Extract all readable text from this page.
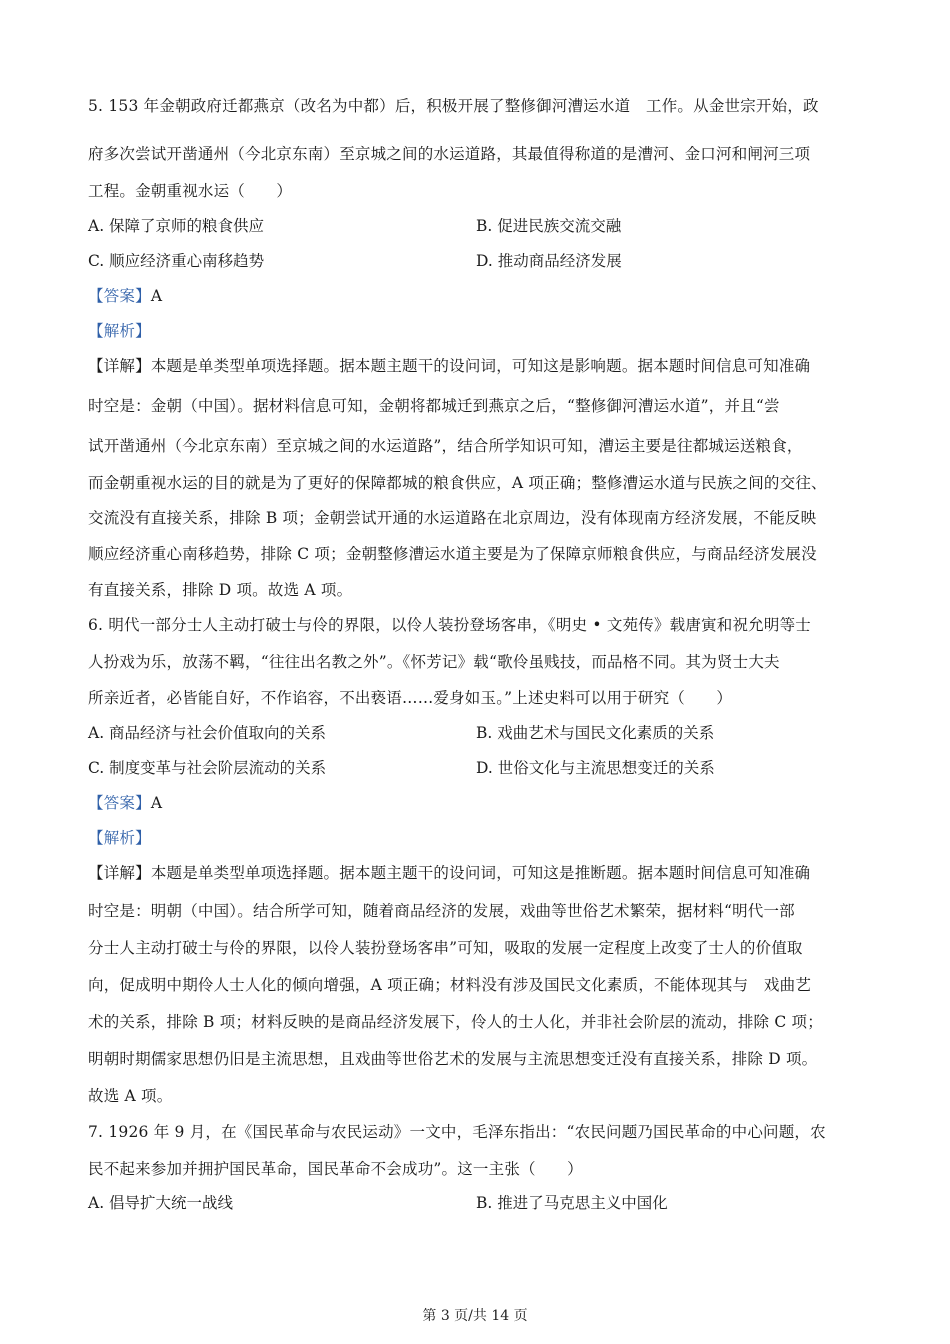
5. 153 年金朝政府迁都燕京（改名为中都）后，积极开展了整修御河漕运水道　工作。从金世宗开始，政
府多次尝试开凿通州（今北京东南）至京城之间的水运道路，其最值得称道的是漕河、金口河和闸河三项
工程。金朝重视水运（　　）
A. 保障了京师的粮食供应	B. 促进民族交流交融
C. 顺应经济重心南移趋势	D. 推动商品经济发展
【答案】A
【解析】
【详解】本题是单类型单项选择题。据本题主题干的设问词，可知这是影响题。据本题时间信息可知准确
时空是：金朝（中国）。据材料信息可知，金朝将都城迁到燕京之后，“整修御河漕运水道”，并且“尝
试开凿通州（今北京东南）至京城之间的水运道路”，结合所学知识可知，漕运主要是往都城运送粮食，
而金朝重视水运的目的就是为了更好的保障都城的粮食供应，A 项正确；整修漕运水道与民族之间的交往、
交流没有直接关系，排除 B 项；金朝尝试开通的水运道路在北京周边，没有体现南方经济发展，不能反映
顺应经济重心南移趋势，排除 C 项；金朝整修漕运水道主要是为了保障京师粮食供应，与商品经济发展没
有直接关系，排除 D 项。故选 A 项。
6. 明代一部分士人主动打破士与伶的界限，以伶人装扮登场客串，《明史 • 文苑传》载唐寅和祝允明等士
人扮戏为乐，放荡不羁，“往往出名教之外”。《怀芳记》载“歌伶虽贱技，而品格不同。其为贤士大夫
所亲近者，必皆能自好，不作谄容，不出亵语……爱身如玉。”上述史料可以用于研究（　　）
A. 商品经济与社会价值取向的关系	B. 戏曲艺术与国民文化素质的关系
C. 制度变革与社会阶层流动的关系	D. 世俗文化与主流思想变迁的关系
【答案】A
【解析】
【详解】本题是单类型单项选择题。据本题主题干的设问词，可知这是推断题。据本题时间信息可知准确
时空是：明朝（中国）。结合所学可知，随着商品经济的发展，戏曲等世俗艺术繁荣，据材料“明代一部
分士人主动打破士与伶的界限，以伶人装扮登场客串”可知，吸取的发展一定程度上改变了士人的价值取
向，促成明中期伶人士人化的倾向增强，A 项正确；材料没有涉及国民文化素质，不能体现其与　戏曲艺
术的关系，排除 B 项；材料反映的是商品经济发展下，伶人的士人化，并非社会阶层的流动，排除 C 项；
明朝时期儒家思想仍旧是主流思想，且戏曲等世俗艺术的发展与主流思想变迁没有直接关系，排除 D 项。
故选 A 项。
7. 1926 年 9 月，在《国民革命与农民运动》一文中，毛泽东指出：“农民问题乃国民革命的中心问题，农
民不起来参加并拥护国民革命，国民革命不会成功”。这一主张（　　）
A. 倡导扩大统一战线	B. 推进了马克思主义中国化
第 3 页/共 14 页
